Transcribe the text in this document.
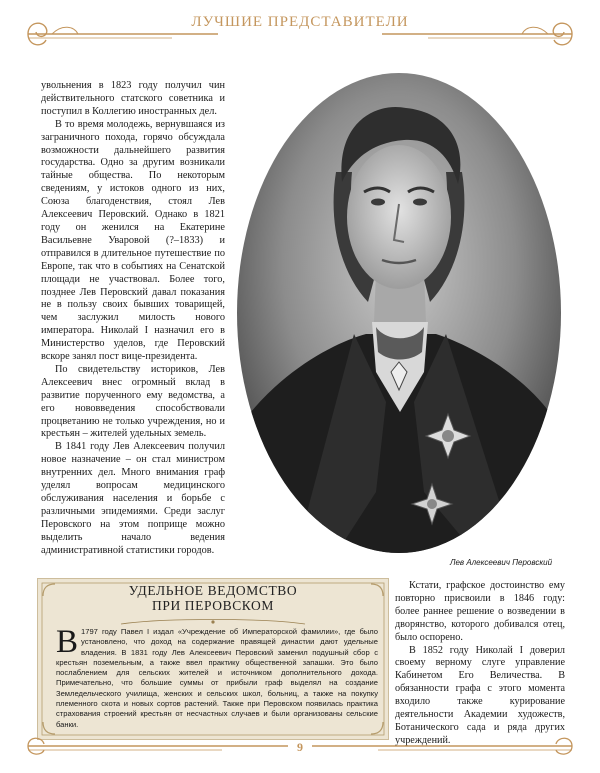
ЛУЧШИЕ ПРЕДСТАВИТЕЛИ

увольнения в 1823 году получил чин действительного статского советника и поступил в Коллегию иностранных дел.

В то время молодежь, вернувшаяся из заграничного похода, горячо обсуждала возможности дальнейшего развития государства. Одно за другим возникали тайные общества. По некоторым сведениям, у истоков одного из них, Союза благоденствия, стоял Лев Алексеевич Перовский. Однако в 1821 году он женился на Екатерине Васильевне Уваровой (?–1833) и отправился в длительное путешествие по Европе, так что в событиях на Сенатской площади не участвовал. Более того, позднее Лев Перовский давал показания не в пользу своих бывших товарищей, чем заслужил милость нового императора. Николай I назначил его в Министерство уделов, где Перовский вскоре занял пост вице-президента.

По свидетельству историков, Лев Алексеевич внес огромный вклад в развитие порученного ему ведомства, а его нововведения способствовали процветанию не только учреждения, но и крестьян – жителей удельных земель.

В 1841 году Лев Алексеевич получил новое назначение – он стал министром внутренних дел. Много внимания граф уделял вопросам медицинского обслуживания населения и борьбе с различными эпидемиями. Среди заслуг Перовского на этом поприще можно выделить начало ведения административной статистики городов.

Лев Алексеевич Перовский
УДЕЛЬНОЕ ВЕДОМСТВО
ПРИ ПЕРОВСКОМ
В 1797 году Павел I издал «Учреждение об Императорской фамилии», где было установлено, что доход на содержание правящей династии дают удельные владения. В 1831 году Лев Алексеевич Перовский заменил подушный сбор с крестьян поземельным, а также ввел практику общественной запашки. Это было послаблением для сельских жителей и источником дополнительного дохода. Примечательно, что большие суммы от прибыли граф выделял на создание Земледельческого училища, женских и сельских школ, больниц, а также на покупку племенного скота и новых сортов растений. Также при Перовском появилась практика страхования строений крестьян от несчастных случаев и были организованы сельские банки.

Кстати, графское достоинство ему повторно присвоили в 1846 году: более раннее решение о возведении в дворянство, которого добивался отец, было оспорено.

В 1852 году Николай I доверил своему верному слуге управление Кабинетом Его Величества. В обязанности графа с этого момента входило также курирование деятельности Академии художеств, Ботанического сада и ряда других учреждений.

9
